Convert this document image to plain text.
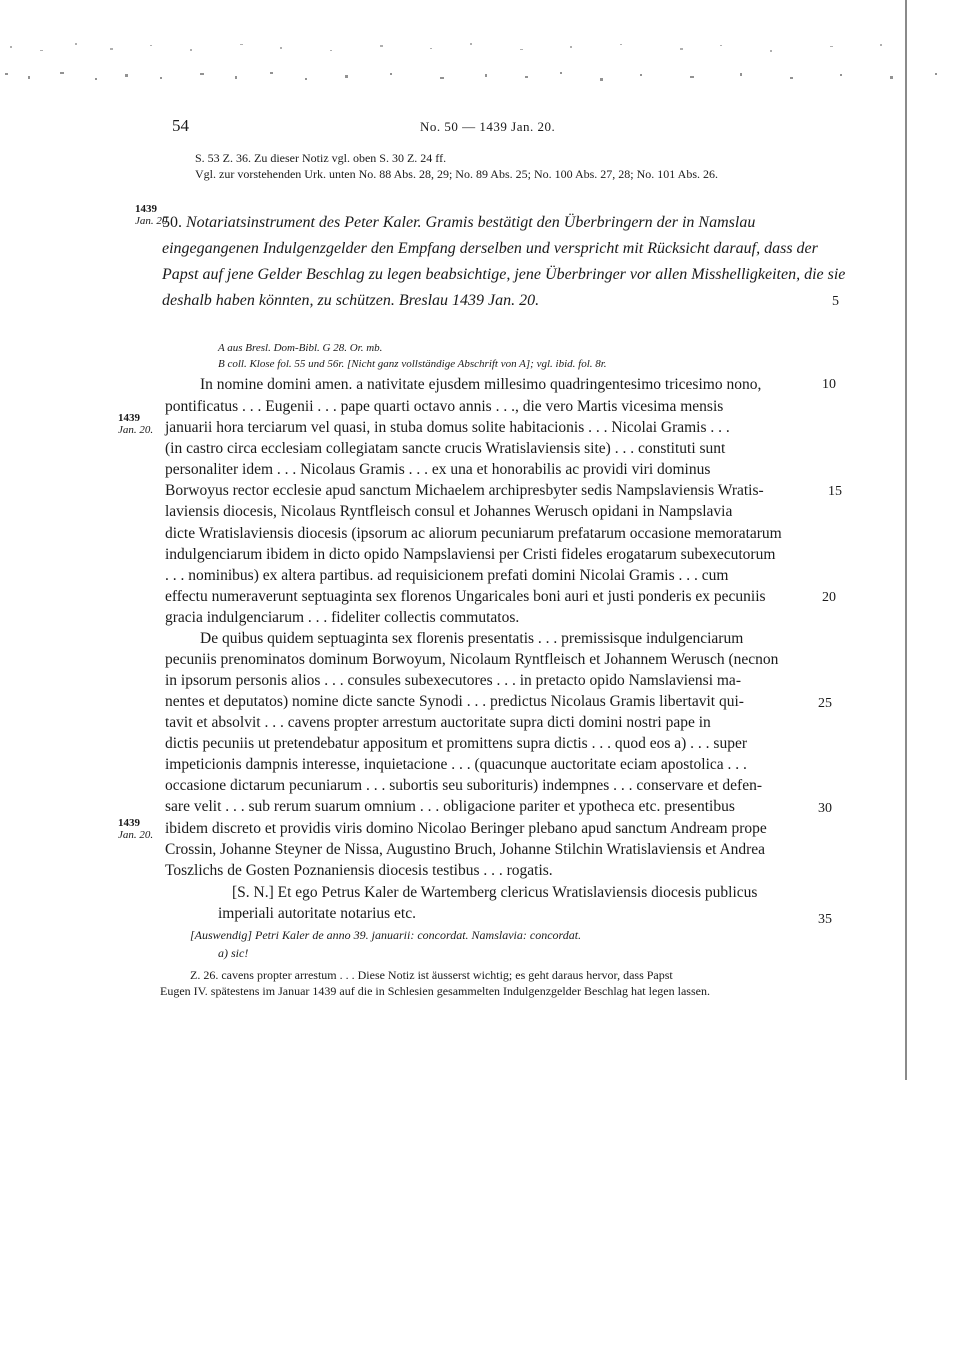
54	No. 50 — 1439 Jan. 20.
S. 53 Z. 36. Zu dieser Notiz vgl. oben S. 30 Z. 24 ff.
Vgl. zur vorstehenden Urk. unten No. 88 Abs. 28, 29; No. 89 Abs. 25; No. 100 Abs. 27, 28; No. 101 Abs. 26.
1439
Jan. 20.
50. Notariatsinstrument des Peter Kaler. Gramis bestätigt den Überbringern der in Namslau eingegangenen Indulgenzgelder den Empfang derselben und verspricht mit Rücksicht darauf, dass der Papst auf jene Gelder Beschlag zu legen beabsichtige, jene Überbringer vor allen Misshelligkeiten, die sie deshalb haben könnten, zu schützen. Breslau 1439 Jan. 20.	5
A aus Bresl. Dom-Bibl. G 28. Or. mb.
B coll. Klose fol. 55 und 56r. [Nicht ganz vollständige Abschrift von A]; vgl. ibid. fol. 8r.
1439
Jan. 20.
1439
Jan. 20.
In nomine domini amen. a nativitate ejusdem millesimo quadringentesimo tricesimo nono,
pontificatus . . . Eugenii . . . pape quarti octavo annis . . ., die vero Martis vicesima mensis
januarii hora terciarum vel quasi, in stuba domus solite habitacionis . . . Nicolai Gramis . . .
(in castro circa ecclesiam collegiatam sancte crucis Wratislaviensis site) . . . constituti sunt
personaliter idem . . . Nicolaus Gramis . . . ex una et honorabilis ac providi viri dominus
Borwoyus rector ecclesie apud sanctum Michaelem archipresbyter sedis Nampslaviensis Wratis-
laviensis diocesis, Nicolaus Ryntfleisch consul et Johannes Werusch opidani in Nampslavia
dicte Wratislaviensis diocesis (ipsorum ac aliorum pecuniarum prefatarum occasione memoratarum
indulgenciarum ibidem in dicto opido Nampslaviensi per Cristi fideles erogatarum subexecutorum
. . . nominibus) ex altera partibus. ad requisicionem prefati domini Nicolai Gramis . . . cum
effectu numeraverunt septuaginta sex florenos Ungaricales boni auri et justi ponderis ex pecuniis
gracia indulgenciarum . . . fideliter collectis commutatos.
De quibus quidem septuaginta sex florenis presentatis . . . premissisque indulgenciarum
pecuniis prenominatos dominum Borwoyum, Nicolaum Ryntfleisch et Johannem Werusch (necnon
in ipsorum personis alios . . . consules subexecutores . . . in pretacto opido Namslaviensi ma-
nentes et deputatos) nomine dicte sancte Synodi . . . predictus Nicolaus Gramis libertavit qui-
tavit et absolvit . . . cavens propter arrestum auctoritate supra dicti domini nostri pape in
dictis pecuniis ut pretendebatur appositum et promittens supra dictis . . . quod eos a) . . . super
impeticionis dampnis interesse, inquietacione . . . (quacunque auctoritate eciam apostolica . . .
occasione dictarum pecuniarum . . . subortis seu suborituris) indempnes . . . conservare et defen-
sare velit . . . sub rerum suarum omnium . . . obligacione pariter et ypotheca etc. presentibus
ibidem discreto et providis viris domino Nicolao Beringer plebano apud sanctum Andream prope
Crossin, Johanne Steyner de Nissa, Augustino Bruch, Johanne Stilchin Wratislaviensis et Andrea
Toszlichs de Gosten Poznaniensis diocesis testibus . . . rogatis.
[S. N.] Et ego Petrus Kaler de Wartemberg clericus Wratislaviensis diocesis publicus
imperiali autoritate notarius etc.
10
15
20
25
30
35
[Auswendig] Petri Kaler de anno 39. januarii: concordat. Namslavia: concordat.
a) sic!
Z. 26. cavens propter arrestum . . . Diese Notiz ist äusserst wichtig; es geht daraus hervor, dass Papst
Eugen IV. spätestens im Januar 1439 auf die in Schlesien gesammelten Indulgenzgelder Beschlag hat legen lassen.
